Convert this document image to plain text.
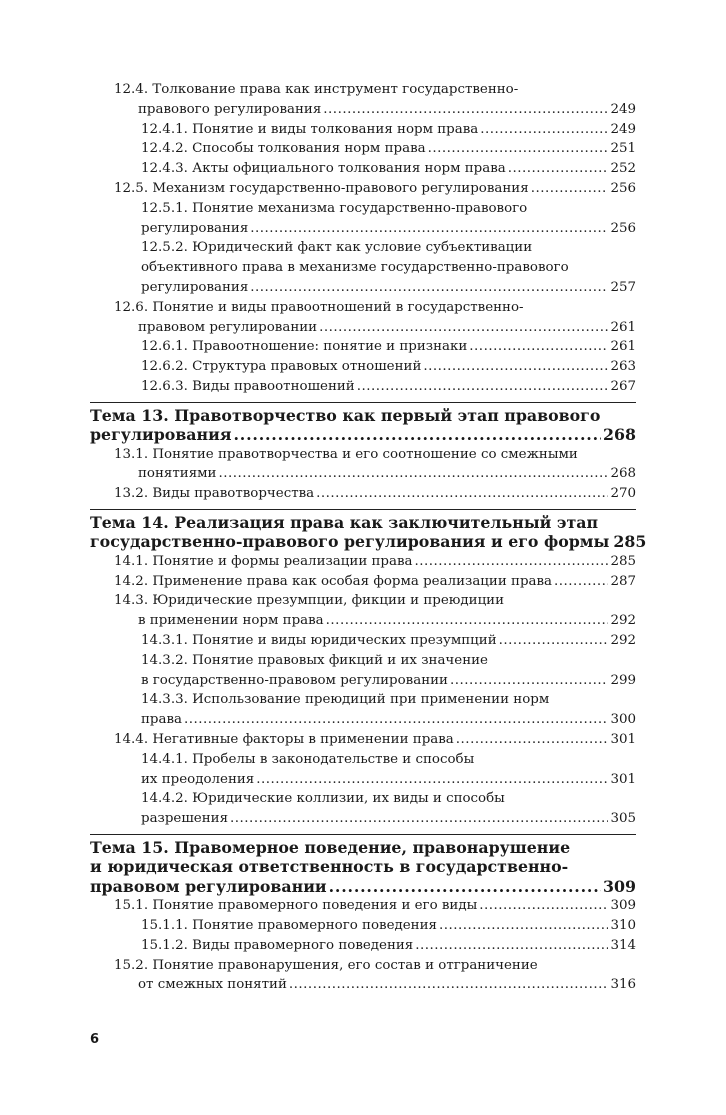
12.4. Толкование права как инструмент государственно-
правового регулирования .....	249
12.4.1. Понятие и виды толкования норм права .....	249
12.4.2. Способы толкования норм права .....	251
12.4.3. Акты официального толкования норм права .....	252
12.5. Механизм государственно-правового регулирования .....	256
12.5.1. Понятие механизма государственно-правового
регулирования .....	256
12.5.2. Юридический факт как условие субъективации
объективного права в механизме государственно-правового
регулирования .....	257
12.6. Понятие и виды правоотношений в государственно-
правовом регулировании .....	261
12.6.1. Правоотношение: понятие и признаки .....	261
12.6.2. Структура правовых отношений .....	263
12.6.3. Виды правоотношений .....	267
Тема 13. Правотворчество как первый этап правового
регулирования .....	268
13.1. Понятие правотворчества и его соотношение со смежными
понятиями .....	268
13.2. Виды правотворчества .....	270
Тема 14. Реализация права как заключительный этап
государственно-правового регулирования и его формы 285
14.1. Понятие и формы реализации права .....	285
14.2. Применение права как особая форма реализации права .....	287
14.3. Юридические презумпции, фикции и преюдиции
в применении норм права .....	292
14.3.1. Понятие и виды юридических презумпций .....	292
14.3.2. Понятие правовых фикций и их значение
в государственно-правовом регулировании .....	299
14.3.3. Использование преюдиций при применении норм
права .....	300
14.4. Негативные факторы в применении права .....	301
14.4.1. Пробелы в законодательстве и способы
их преодоления .....	301
14.4.2. Юридические коллизии, их виды и способы
разрешения .....	305
Тема 15. Правомерное поведение, правонарушение
и юридическая ответственность в государственно-
правовом регулировании .....	309
15.1. Понятие правомерного поведения и его виды .....	309
15.1.1. Понятие правомерного поведения .....	310
15.1.2. Виды правомерного поведения .....	314
15.2. Понятие правонарушения, его состав и отграничение
от смежных понятий .....	316
6
